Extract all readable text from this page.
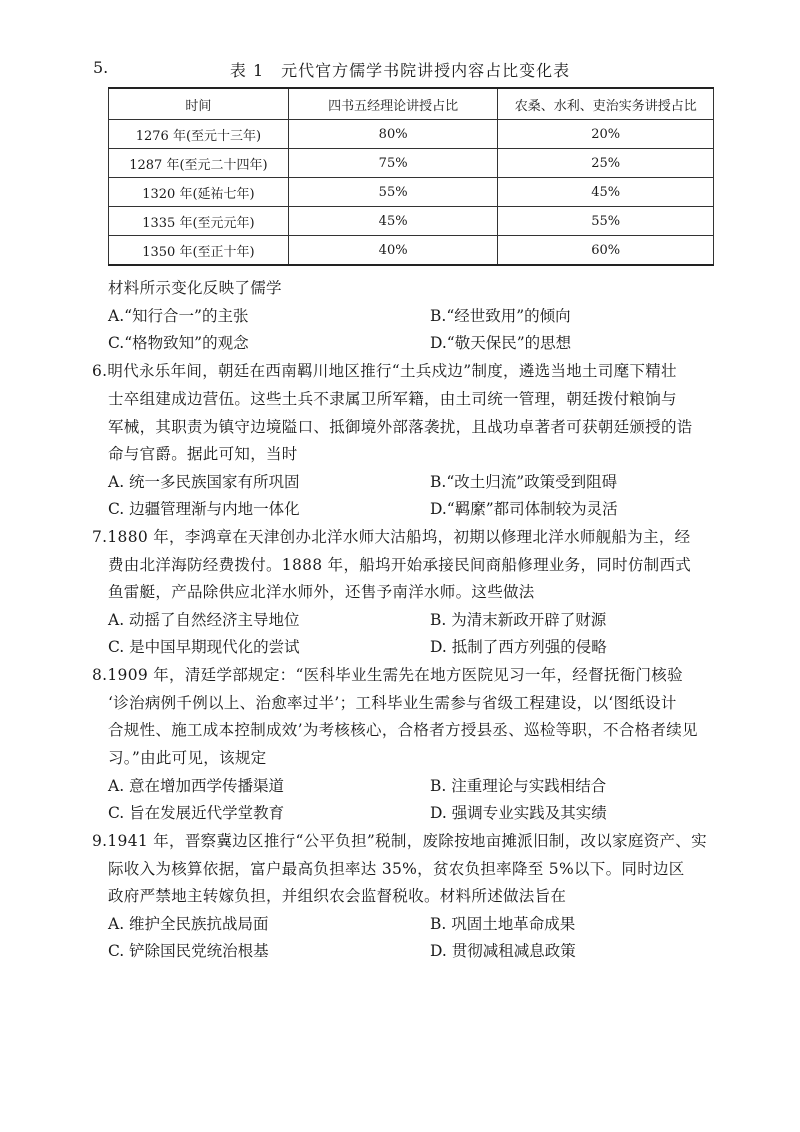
5.	表 1　元代官方儒学书院讲授内容占比变化表
时间	四书五经理论讲授占比	农桑、水利、吏治实务讲授占比
1276 年(至元十三年)	80%	20%
1287 年(至元二十四年)	75%	25%
1320 年(延祐七年)	55%	45%
1335 年(至元元年)	45%	55%
1350 年(至正十年)	40%	60%
材料所示变化反映了儒学
A.“知行合一”的主张	B.“经世致用”的倾向
C.“格物致知”的观念	D.“敬天保民”的思想
6.明代永乐年间，朝廷在西南羁川地区推行“土兵戍边”制度，遴选当地土司麾下精壮
士卒组建成边营伍。这些土兵不隶属卫所军籍，由土司统一管理，朝廷拨付粮饷与
军械，其职责为镇守边境隘口、抵御境外部落袭扰，且战功卓著者可获朝廷颁授的诰
命与官爵。据此可知，当时
A. 统一多民族国家有所巩固	B.“改土归流”政策受到阻碍
C. 边疆管理渐与内地一体化	D.“羁縻”都司体制较为灵活
7.1880 年，李鸿章在天津创办北洋水师大沽船坞，初期以修理北洋水师舰船为主，经
费由北洋海防经费拨付。1888 年，船坞开始承接民间商船修理业务，同时仿制西式
鱼雷艇，产品除供应北洋水师外，还售予南洋水师。这些做法
A. 动摇了自然经济主导地位	B. 为清末新政开辟了财源
C. 是中国早期现代化的尝试	D. 抵制了西方列强的侵略
8.1909 年，清廷学部规定：“医科毕业生需先在地方医院见习一年，经督抚衙门核验
‘诊治病例千例以上、治愈率过半’；工科毕业生需参与省级工程建设，以‘图纸设计
合规性、施工成本控制成效’为考核核心，合格者方授县丞、巡检等职，不合格者续见
习。”由此可见，该规定
A. 意在增加西学传播渠道	B. 注重理论与实践相结合
C. 旨在发展近代学堂教育	D. 强调专业实践及其实绩
9.1941 年，晋察冀边区推行“公平负担”税制，废除按地亩摊派旧制，改以家庭资产、实
际收入为核算依据，富户最高负担率达 35%，贫农负担率降至 5%以下。同时边区
政府严禁地主转嫁负担，并组织农会监督税收。材料所述做法旨在
A. 维护全民族抗战局面	B. 巩固土地革命成果
C. 铲除国民党统治根基	D. 贯彻减租减息政策
